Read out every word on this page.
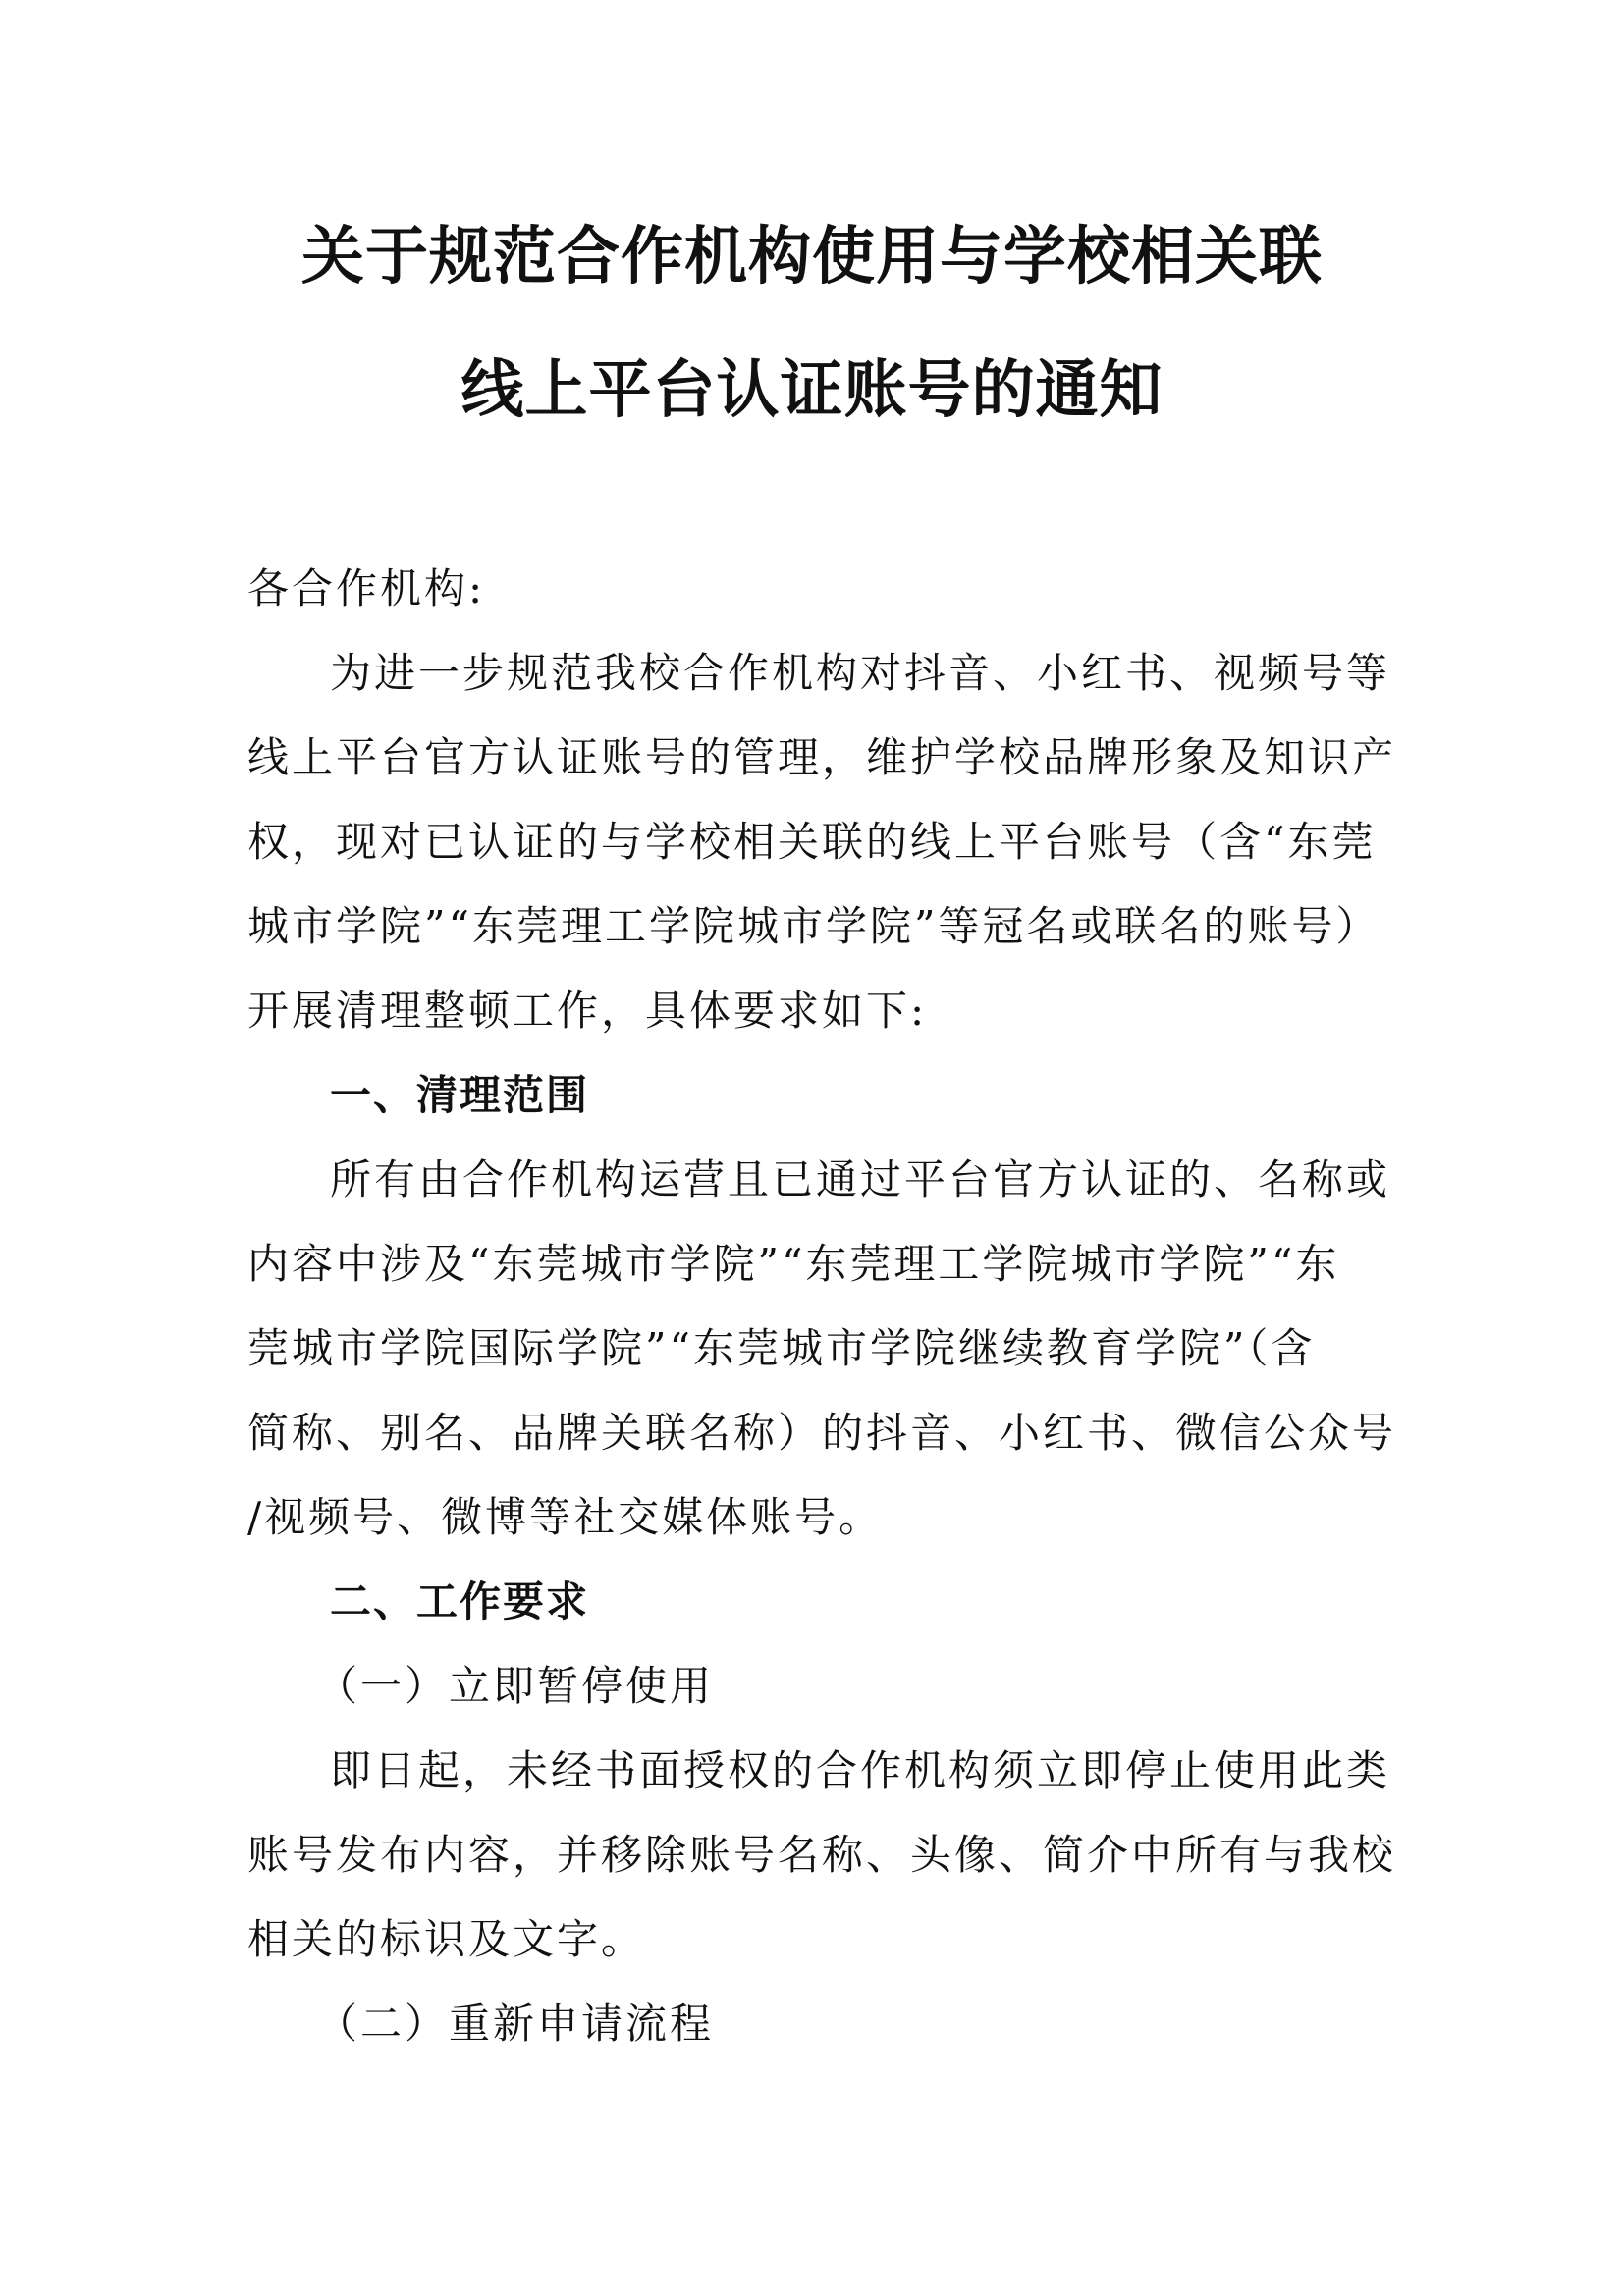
关于规范合作机构使用与学校相关联
线上平台认证账号的通知
各合作机构:
为进一步规范我校合作机构对抖音、小红书、视频号等
线上平台官方认证账号的管理，维护学校品牌形象及知识产
权，现对已认证的与学校相关联的线上平台账号（含“东莞
城市学院”“东莞理工学院城市学院”等冠名或联名的账号）
开展清理整顿工作，具体要求如下:
一、清理范围
所有由合作机构运营且已通过平台官方认证的、名称或
内容中涉及“东莞城市学院”“东莞理工学院城市学院”“东
莞城市学院国际学院”“东莞城市学院继续教育学院”（含
简称、别名、品牌关联名称）的抖音、小红书、微信公众号
/视频号、微博等社交媒体账号。
二、工作要求
（一）立即暂停使用
即日起，未经书面授权的合作机构须立即停止使用此类
账号发布内容，并移除账号名称、头像、简介中所有与我校
相关的标识及文字。
（二）重新申请流程
